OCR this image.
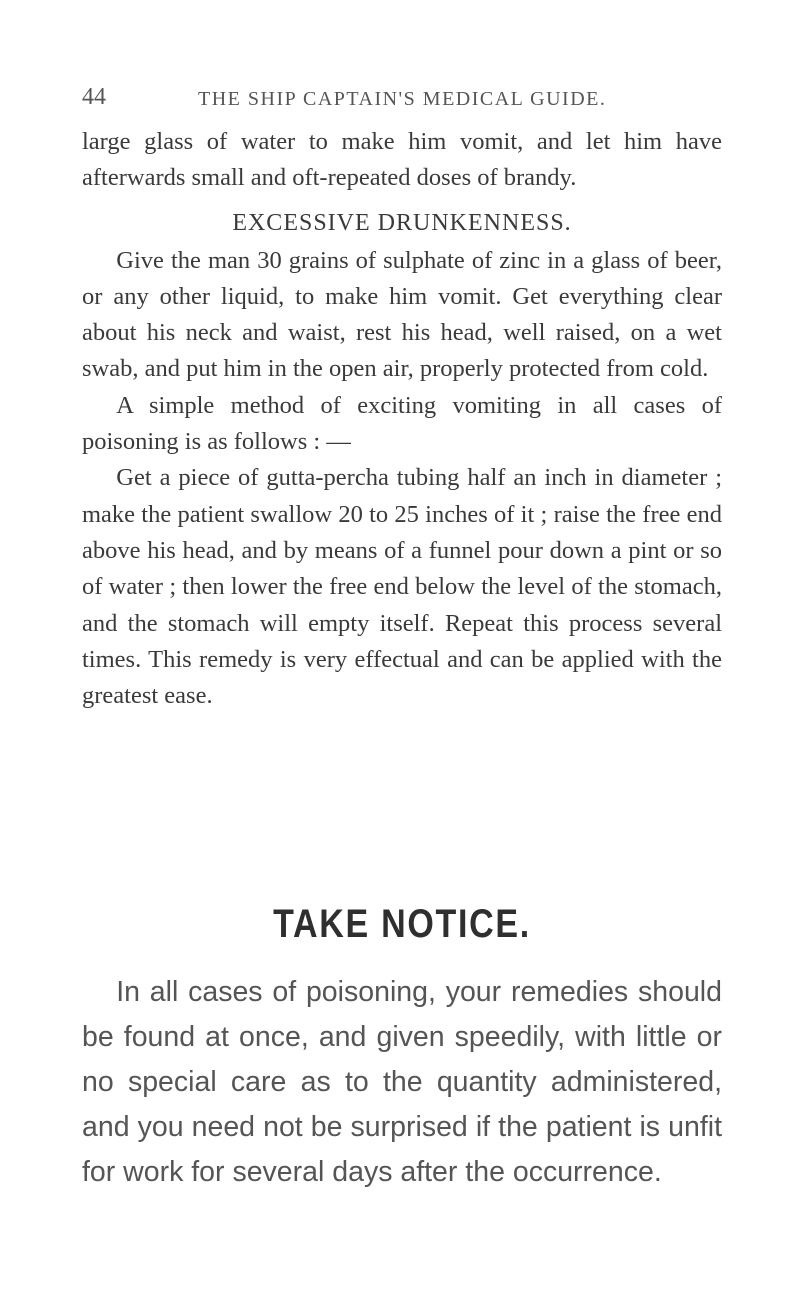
44	THE SHIP CAPTAIN'S MEDICAL GUIDE.

large glass of water to make him vomit, and let him have afterwards small and oft-repeated doses of brandy.

EXCESSIVE DRUNKENNESS.

Give the man 30 grains of sulphate of zinc in a glass of beer, or any other liquid, to make him vomit. Get everything clear about his neck and waist, rest his head, well raised, on a wet swab, and put him in the open air, properly protected from cold.

A simple method of exciting vomiting in all cases of poisoning is as follows : —

Get a piece of gutta-percha tubing half an inch in diameter ; make the patient swallow 20 to 25 inches of it ; raise the free end above his head, and by means of a funnel pour down a pint or so of water ; then lower the free end below the level of the stomach, and the stomach will empty itself. Repeat this process several times. This remedy is very effectual and can be applied with the greatest ease.

TAKE NOTICE.

In all cases of poisoning, your remedies should be found at once, and given speedily, with little or no special care as to the quantity administered, and you need not be surprised if the patient is unfit for work for several days after the occurrence.
